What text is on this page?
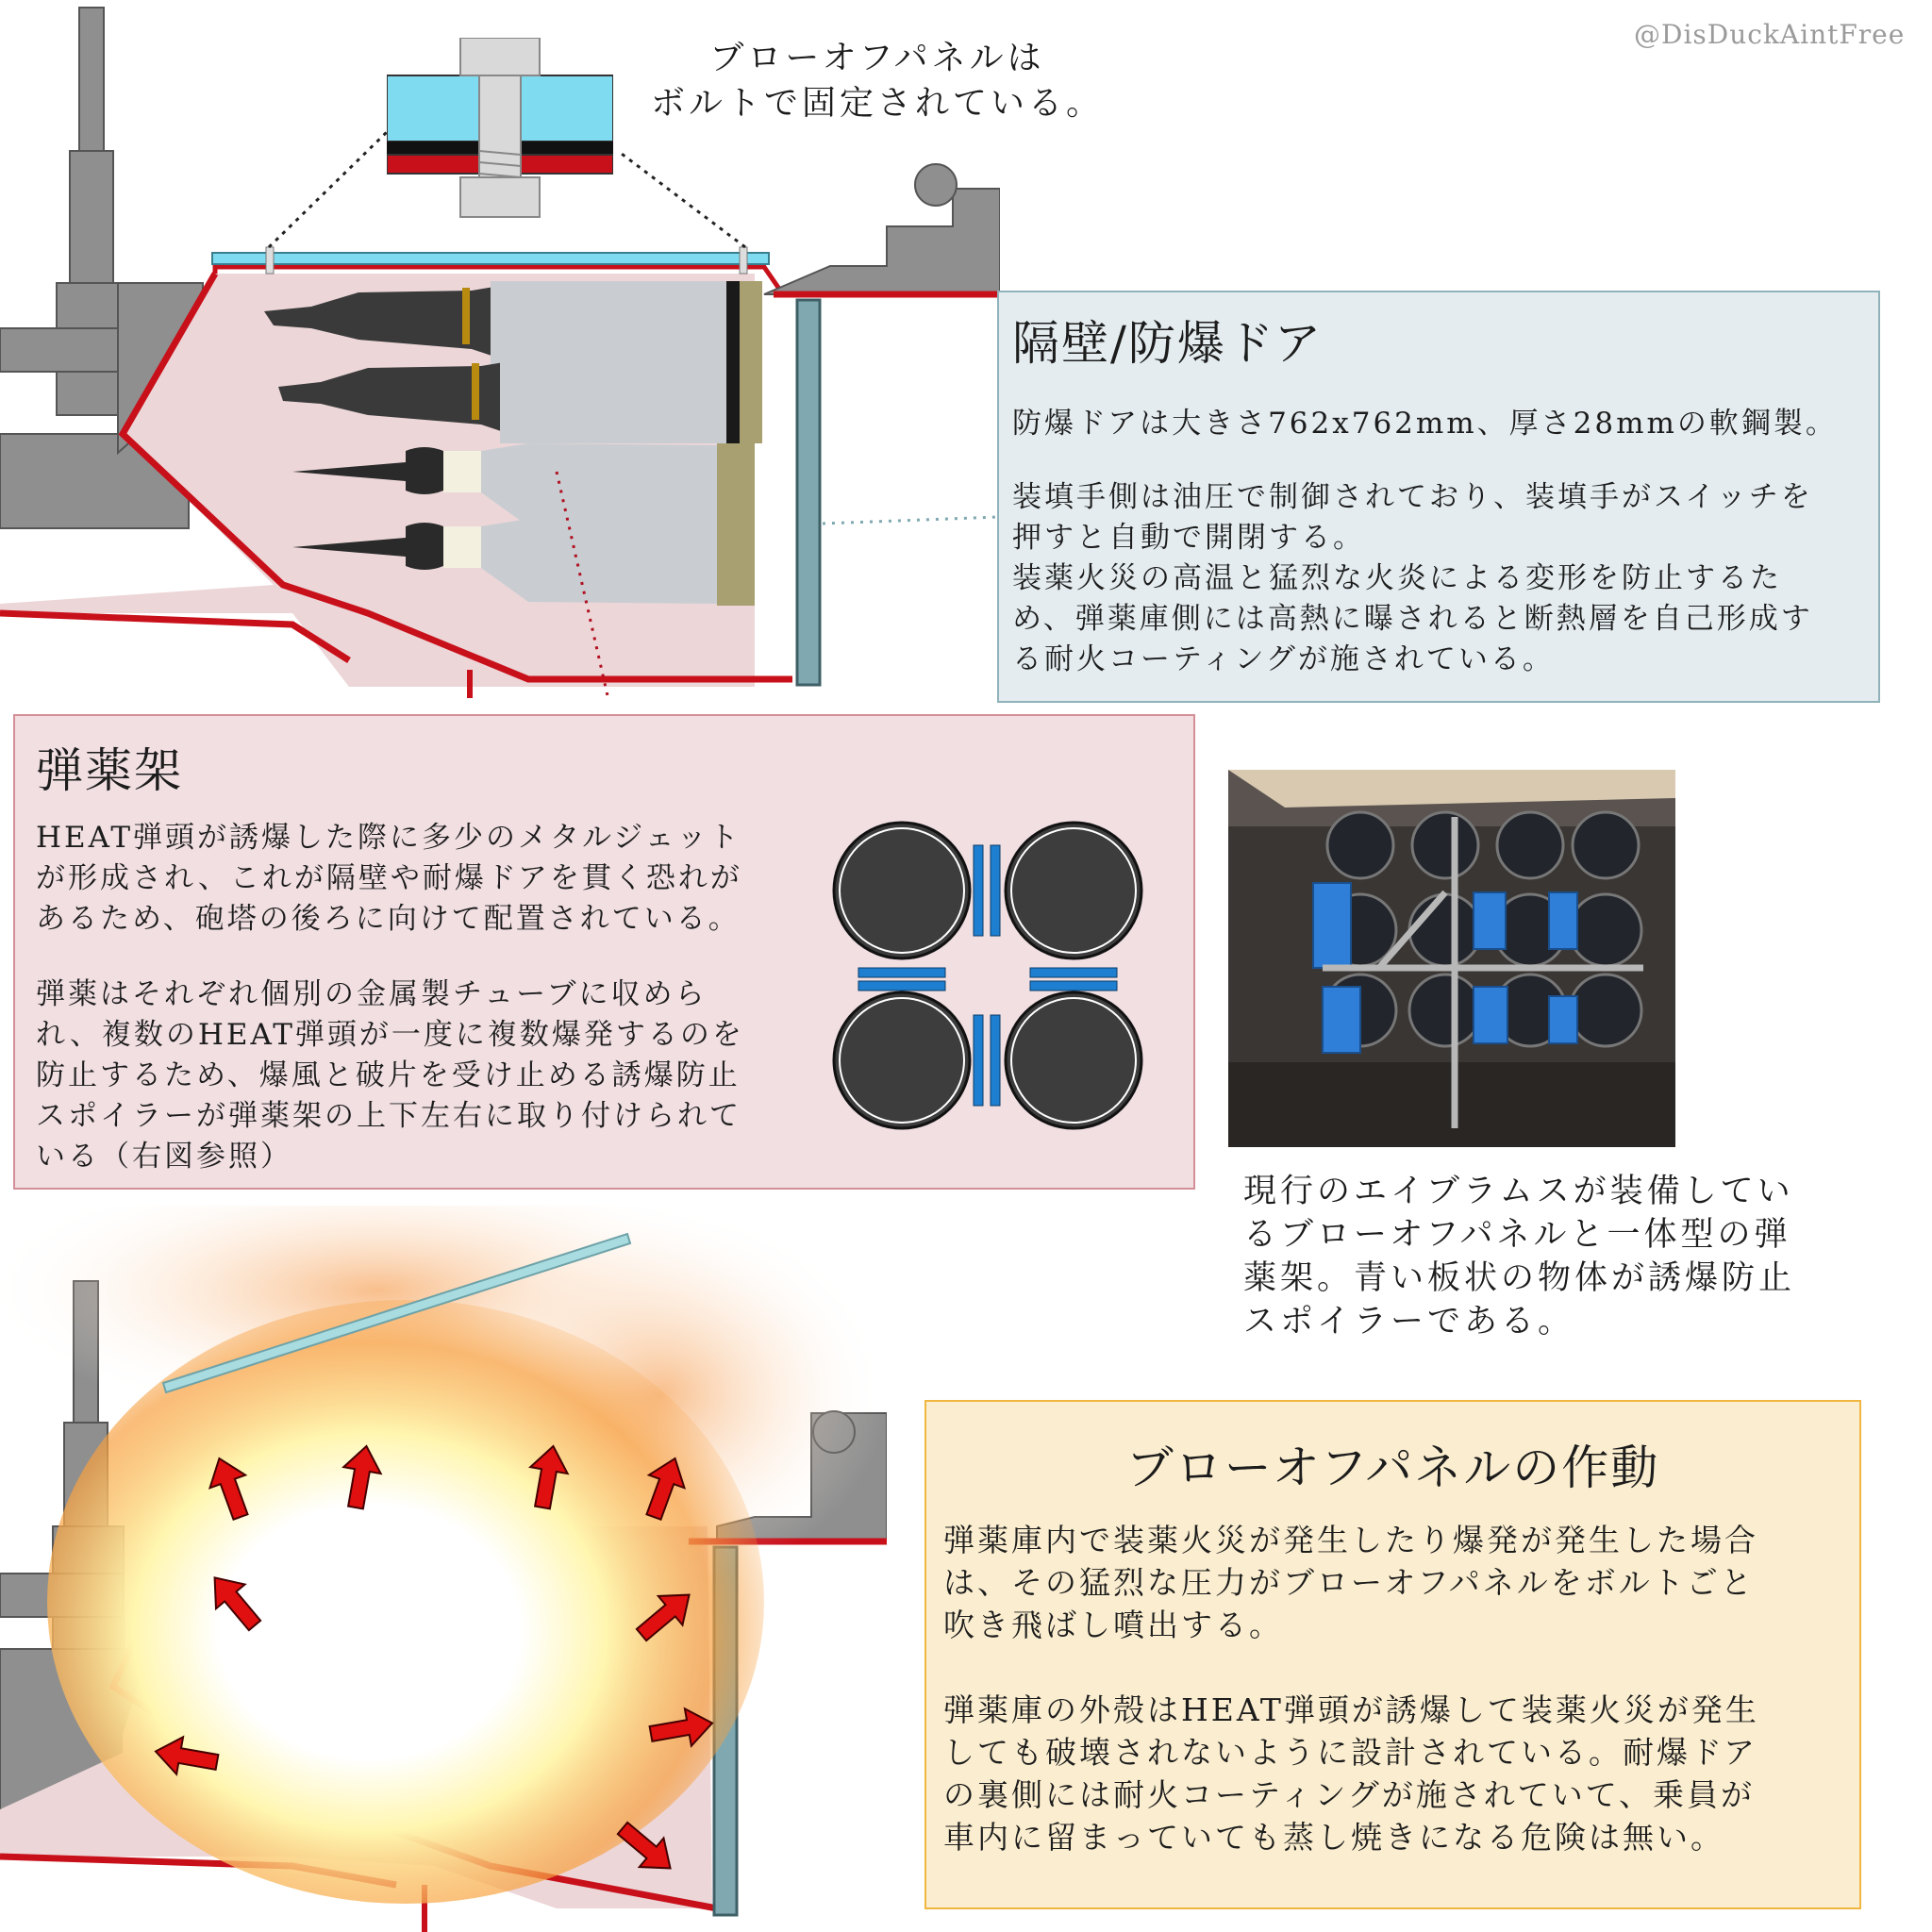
@DisDuckAintFree
ブローオフパネルは
ボルトで固定されている。
隔壁/防爆ドア
防爆ドアは大きさ762x762mm、厚さ28mmの軟鋼製。
装填手側は油圧で制御されており、装填手がスイッチを
押すと自動で開閉する。
装薬火災の高温と猛烈な火炎による変形を防止するた
め、弾薬庫側には高熱に曝されると断熱層を自己形成す
る耐火コーティングが施されている。
弾薬架
HEAT弾頭が誘爆した際に多少のメタルジェット
が形成され、これが隔壁や耐爆ドアを貫く恐れが
あるため、砲塔の後ろに向けて配置されている。
弾薬はそれぞれ個別の金属製チューブに収めら
れ、複数のHEAT弾頭が一度に複数爆発するのを
防止するため、爆風と破片を受け止める誘爆防止
スポイラーが弾薬架の上下左右に取り付けられて
いる（右図参照）
現行のエイブラムスが装備してい
るブローオフパネルと一体型の弾
薬架。青い板状の物体が誘爆防止
スポイラーである。
ブローオフパネルの作動
弾薬庫内で装薬火災が発生したり爆発が発生した場合
は、その猛烈な圧力がブローオフパネルをボルトごと
吹き飛ばし噴出する。
弾薬庫の外殻はHEAT弾頭が誘爆して装薬火災が発生
しても破壊されないように設計されている。耐爆ドア
の裏側には耐火コーティングが施されていて、乗員が
車内に留まっていても蒸し焼きになる危険は無い。
